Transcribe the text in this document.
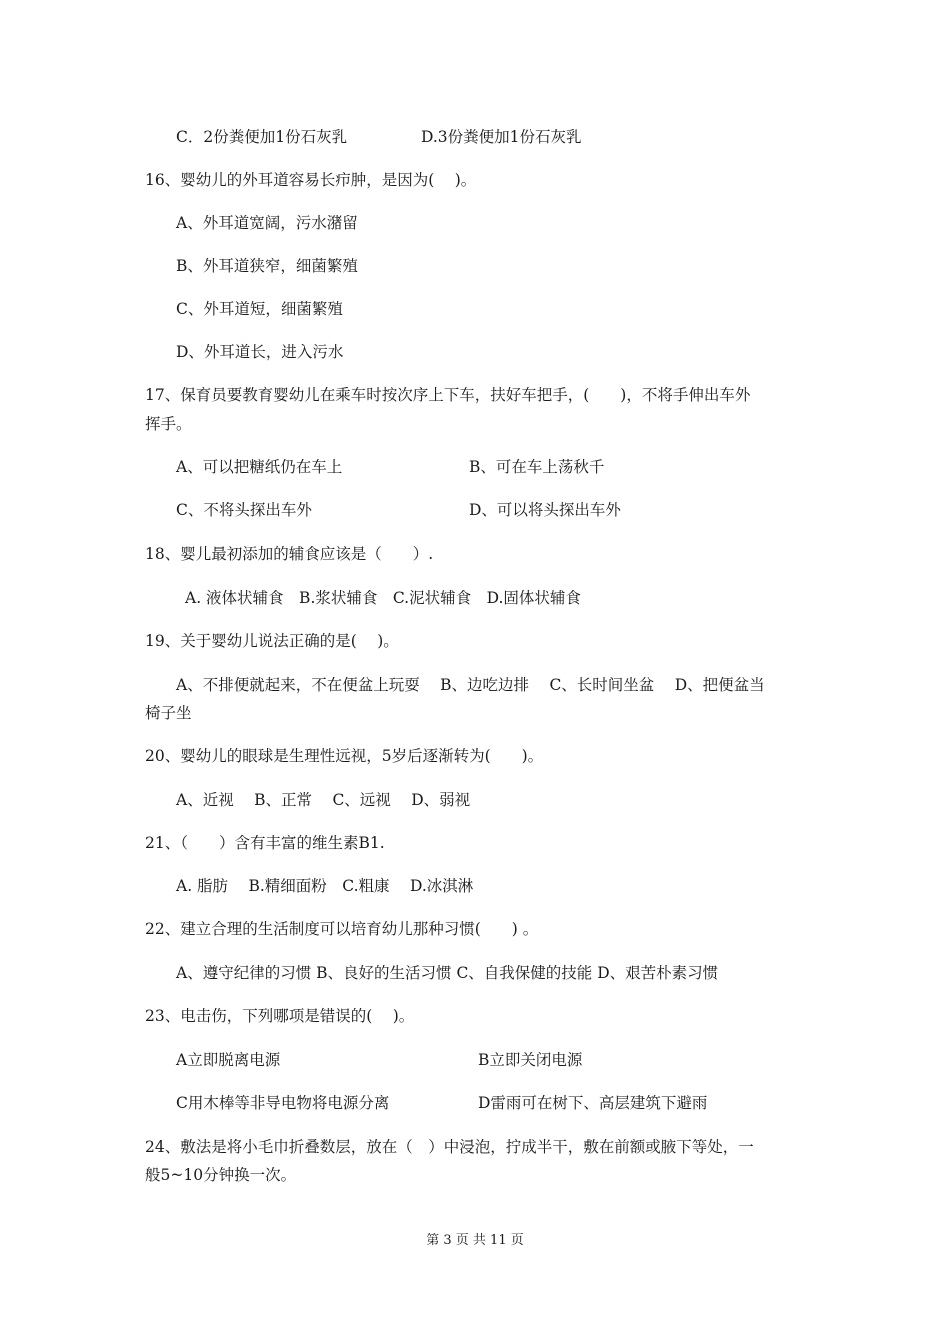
C．2份粪便加1份石灰乳	D.3份粪便加1份石灰乳
16、婴幼儿的外耳道容易长疖肿，是因为(　 )。
A、外耳道宽阔，污水潴留
B、外耳道狭窄，细菌繁殖
C、外耳道短，细菌繁殖
D、外耳道长，进入污水
17、保育员要教育婴幼儿在乘车时按次序上下车，扶好车把手，(　　)，不将手伸出车外
挥手。
A、可以把糖纸仍在车上	B、可在车上荡秋千
C、不将头探出车外	D、可以将头探出车外
18、婴儿最初添加的辅食应该是（　　）.
A. 液体状辅食　B.浆状辅食　C.泥状辅食　D.固体状辅食
19、关于婴幼儿说法正确的是(　 )。
A、不排便就起来，不在便盆上玩耍　 B、边吃边排　 C、长时间坐盆　 D、把便盆当
椅子坐
20、婴幼儿的眼球是生理性远视，5岁后逐渐转为(　　)。
A、近视　 B、正常　 C、远视　 D、弱视
21、（　　）含有丰富的维生素B1.
A. 脂肪　 B.精细面粉　C.粗康　 D.冰淇淋
22、建立合理的生活制度可以培育幼儿那种习惯(　　) 。
A、遵守纪律的习惯 B、良好的生活习惯 C、自我保健的技能 D、艰苦朴素习惯
23、电击伤，下列哪项是错误的(　 )。
A立即脱离电源	B立即关闭电源
C用木棒等非导电物将电源分离	D雷雨可在树下、高层建筑下避雨
24、敷法是将小毛巾折叠数层，放在（　）中浸泡，拧成半干，敷在前额或腋下等处，一
般5~10分钟换一次。
第 3 页 共 11 页
